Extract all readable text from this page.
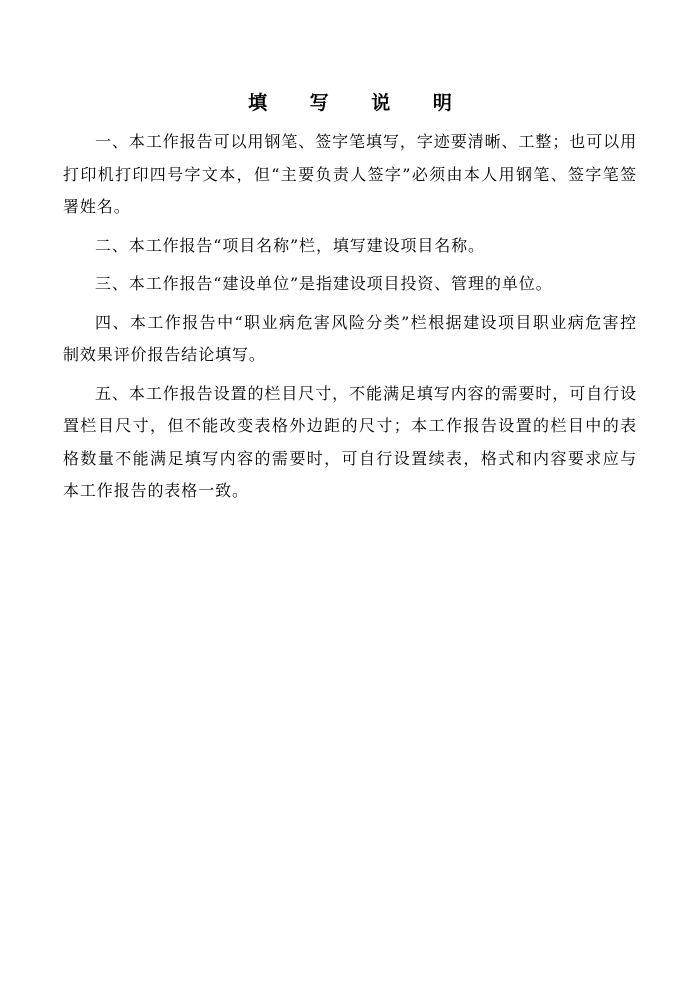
填 写 说 明

一、本工作报告可以用钢笔、签字笔填写，字迹要清晰、工整；也可以用打印机打印四号字文本，但“主要负责人签字”必须由本人用钢笔、签字笔签署姓名。

二、本工作报告“项目名称”栏，填写建设项目名称。

三、本工作报告“建设单位”是指建设项目投资、管理的单位。

四、本工作报告中“职业病危害风险分类”栏根据建设项目职业病危害控制效果评价报告结论填写。

五、本工作报告设置的栏目尺寸，不能满足填写内容的需要时，可自行设置栏目尺寸，但不能改变表格外边距的尺寸；本工作报告设置的栏目中的表格数量不能满足填写内容的需要时，可自行设置续表，格式和内容要求应与本工作报告的表格一致。
